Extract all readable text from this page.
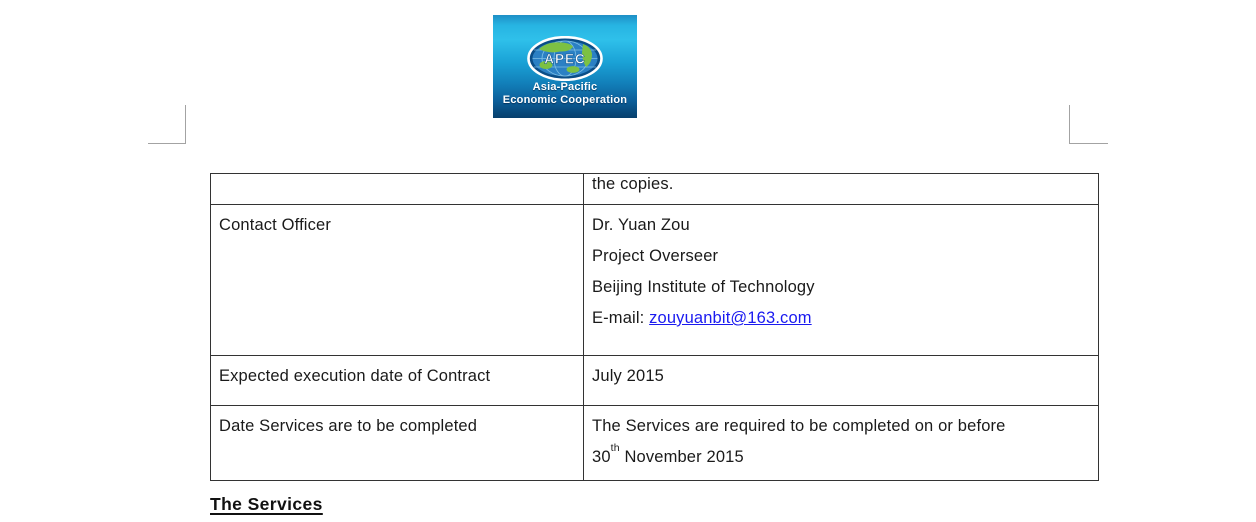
APEC
Asia-Pacific
Economic Cooperation

	the copies.

Contact Officer	Dr. Yuan Zou
Project Overseer
Beijing Institute of Technology
E-mail: zouyuanbit@163.com

Expected execution date of Contract	July 2015

Date Services are to be completed	The Services are required to be completed on or before
30th November 2015
The Services
